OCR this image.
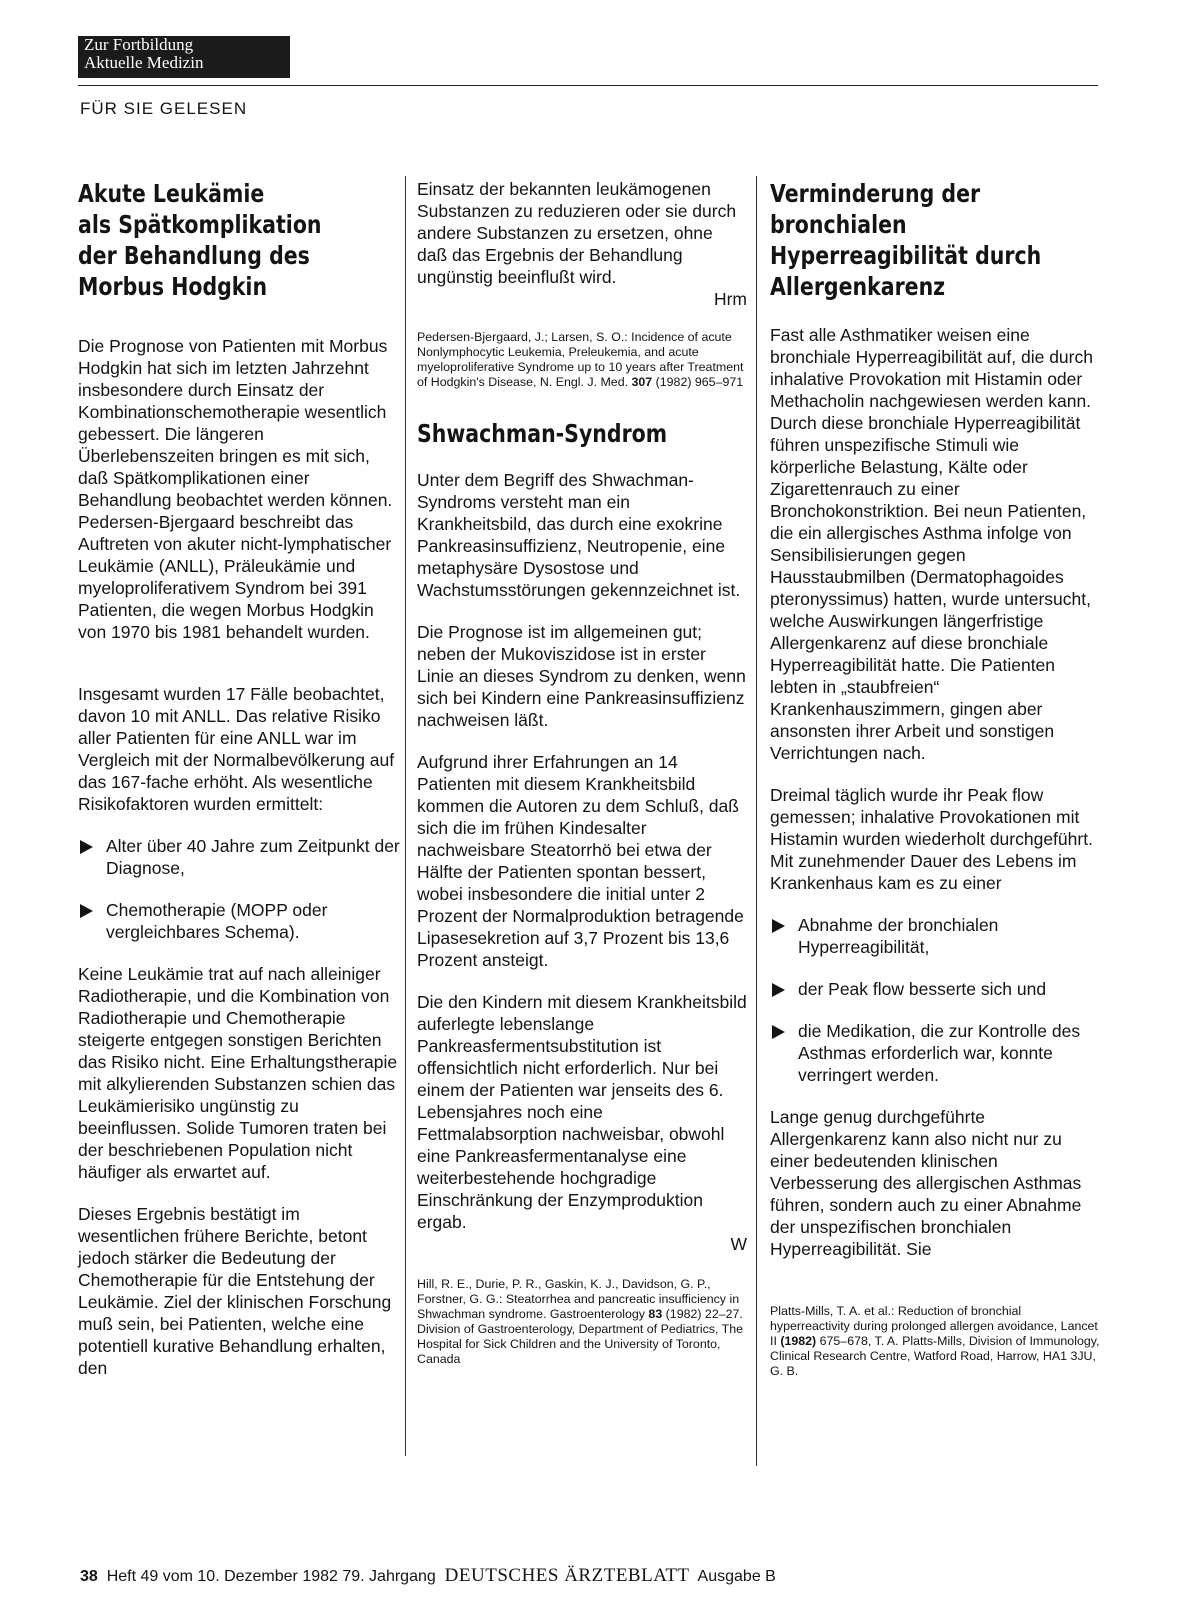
Zur Fortbildung
Aktuelle Medizin
FÜR SIE GELESEN

Akute Leukämie

als Spätkomplikation

der Behandlung des

Morbus Hodgkin

Die Prognose von Patienten mit Morbus Hodgkin hat sich im letzten Jahrzehnt insbesondere durch Einsatz der Kombinationschemotherapie wesentlich gebessert. Die längeren Überlebenszeiten bringen es mit sich, daß Spätkomplikationen einer Behandlung beobachtet werden können. Pedersen-Bjergaard beschreibt das Auftreten von akuter nicht-lymphatischer Leukämie (ANLL), Präleukämie und myeloproliferativem Syndrom bei 391 Patienten, die wegen Morbus Hodgkin von 1970 bis 1981 behandelt wurden.

Insgesamt wurden 17 Fälle beobachtet, davon 10 mit ANLL. Das relative Risiko aller Patienten für eine ANLL war im Vergleich mit der Normalbevölkerung auf das 167-fache erhöht. Als wesentliche Risikofaktoren wurden ermittelt:

Alter über 40 Jahre zum Zeitpunkt der Diagnose,

Chemotherapie (MOPP oder vergleichbares Schema).

Keine Leukämie trat auf nach alleiniger Radiotherapie, und die Kombination von Radiotherapie und Chemotherapie steigerte entgegen sonstigen Berichten das Risiko nicht. Eine Erhaltungstherapie mit alkylierenden Substanzen schien das Leukämierisiko ungünstig zu beeinflussen. Solide Tumoren traten bei der beschriebenen Population nicht häufiger als erwartet auf.

Dieses Ergebnis bestätigt im wesentlichen frühere Berichte, betont jedoch stärker die Bedeutung der Chemotherapie für die Entstehung der Leukämie. Ziel der klinischen Forschung muß sein, bei Patienten, welche eine potentiell kurative Behandlung erhalten, den

Einsatz der bekannten leukämogenen Substanzen zu reduzieren oder sie durch andere Substanzen zu ersetzen, ohne daß das Ergebnis der Behandlung ungünstig beeinflußt wird.

Hrm

Pedersen-Bjergaard, J.; Larsen, S. O.: Incidence of acute Nonlymphocytic Leukemia, Preleukemia, and acute myeloproliferative Syndrome up to 10 years after Treatment of Hodgkin's Disease, N. Engl. J. Med. 307 (1982) 965–971

Shwachman-Syndrom

Unter dem Begriff des Shwachman-Syndroms versteht man ein Krankheitsbild, das durch eine exokrine Pankreasinsuffizienz, Neutropenie, eine metaphysäre Dysostose und Wachstumsstörungen gekennzeichnet ist.

Die Prognose ist im allgemeinen gut; neben der Mukoviszidose ist in erster Linie an dieses Syndrom zu denken, wenn sich bei Kindern eine Pankreasinsuffizienz nachweisen läßt.

Aufgrund ihrer Erfahrungen an 14 Patienten mit diesem Krankheitsbild kommen die Autoren zu dem Schluß, daß sich die im frühen Kindesalter nachweisbare Steatorrhö bei etwa der Hälfte der Patienten spontan bessert, wobei insbesondere die initial unter 2 Prozent der Normalproduktion betragende Lipasesekretion auf 3,7 Prozent bis 13,6 Prozent ansteigt.

Die den Kindern mit diesem Krankheitsbild auferlegte lebenslange Pankreasfermentsubstitution ist offensichtlich nicht erforderlich. Nur bei einem der Patienten war jenseits des 6. Lebensjahres noch eine Fettmalabsorption nachweisbar, obwohl eine Pankreasfermentanalyse eine weiterbestehende hochgradige Einschränkung der Enzymproduktion ergab.

W

Hill, R. E., Durie, P. R., Gaskin, K. J., Davidson, G. P., Forstner, G. G.: Steatorrhea and pancreatic insufficiency in Shwachman syndrome. Gastroenterology 83 (1982) 22–27. Division of Gastroenterology, Department of Pediatrics, The Hospital for Sick Children and the University of Toronto, Canada

Verminderung der

bronchialen

Hyperreagibilität durch

Allergenkarenz

Fast alle Asthmatiker weisen eine bronchiale Hyperreagibilität auf, die durch inhalative Provokation mit Histamin oder Methacholin nachgewiesen werden kann. Durch diese bronchiale Hyperreagibilität führen unspezifische Stimuli wie körperliche Belastung, Kälte oder Zigarettenrauch zu einer Bronchokonstriktion. Bei neun Patienten, die ein allergisches Asthma infolge von Sensibilisierungen gegen Hausstaubmilben (Dermatophagoides pteronyssimus) hatten, wurde untersucht, welche Auswirkungen längerfristige Allergenkarenz auf diese bronchiale Hyperreagibilität hatte. Die Patienten lebten in „staubfreien“ Krankenhauszimmern, gingen aber ansonsten ihrer Arbeit und sonstigen Verrichtungen nach.

Dreimal täglich wurde ihr Peak flow gemessen; inhalative Provokationen mit Histamin wurden wiederholt durchgeführt. Mit zunehmender Dauer des Lebens im Krankenhaus kam es zu einer

Abnahme der bronchialen Hyperreagibilität,

der Peak flow besserte sich und

die Medikation, die zur Kontrolle des Asthmas erforderlich war, konnte verringert werden.

Lange genug durchgeführte Allergenkarenz kann also nicht nur zu einer bedeutenden klinischen Verbesserung des allergischen Asthmas führen, sondern auch zu einer Abnahme der unspezifischen bronchialen Hyperreagibilität. Sie

Platts-Mills, T. A. et al.: Reduction of bronchial hyperreactivity during prolonged allergen avoidance, Lancet II (1982) 675–678, T. A. Platts-Mills, Division of Immunology, Clinical Research Centre, Watford Road, Harrow, HA1 3JU, G. B.

38 Heft 49 vom 10. Dezember 1982 79. Jahrgang DEUTSCHES ÄRZTEBLATT Ausgabe B
